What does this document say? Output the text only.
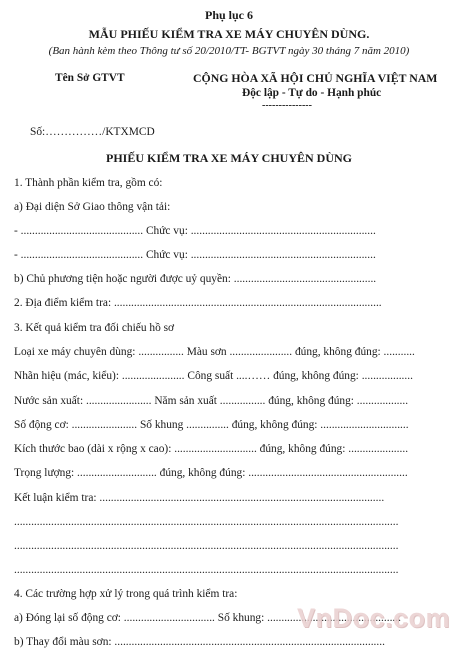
Phụ lục 6
MẪU PHIẾU KIỂM TRA XE MÁY CHUYÊN DÙNG.
(Ban hành kèm theo Thông tư số 20/2010/TT- BGTVT ngày 30 tháng 7 năm 2010)
Tên Sở GTVT	CỘNG HÒA XÃ HỘI CHỦ NGHĨA VIỆT NAM
Độc lập - Tự do - Hạnh phúc
---------------
Số:……………/KTXMCD
PHIẾU KIỂM TRA XE MÁY CHUYÊN DÙNG
1. Thành phần kiểm tra, gồm có:
a) Đại diện Sở Giao thông vận tải:
- ........................................... Chức vụ: .................................................................
- ........................................... Chức vụ: .................................................................
b) Chủ phương tiện hoặc người được uỷ quyền: ..................................................
2. Địa điểm kiểm tra: ..............................................................................................
3. Kết quả kiểm tra đối chiếu hồ sơ
Loại xe máy chuyên dùng: ................ Màu sơn ...................... đúng, không đúng: ...........
Nhãn hiệu (mác, kiểu): ...................... Công suất ....…… đúng, không đúng: ..................
Nước sản xuất: ....................... Năm sản xuất ................ đúng, không đúng: ..................
Số động cơ: ....................... Số khung ............... đúng, không đúng: ...............................
Kích thước bao (dài x rộng x cao): ............................. đúng, không đúng: .....................
Trọng lượng: ............................ đúng, không đúng: ........................................................
Kết luận kiểm tra: ....................................................................................................
.......................................................................................................................................
.......................................................................................................................................
.......................................................................................................................................
4. Các trường hợp xử lý trong quá trình kiểm tra:
a) Đóng lại số động cơ: ................................ Số khung: ...............................................
b) Thay đổi màu sơn: ...............................................................................................
VnDoc.com
